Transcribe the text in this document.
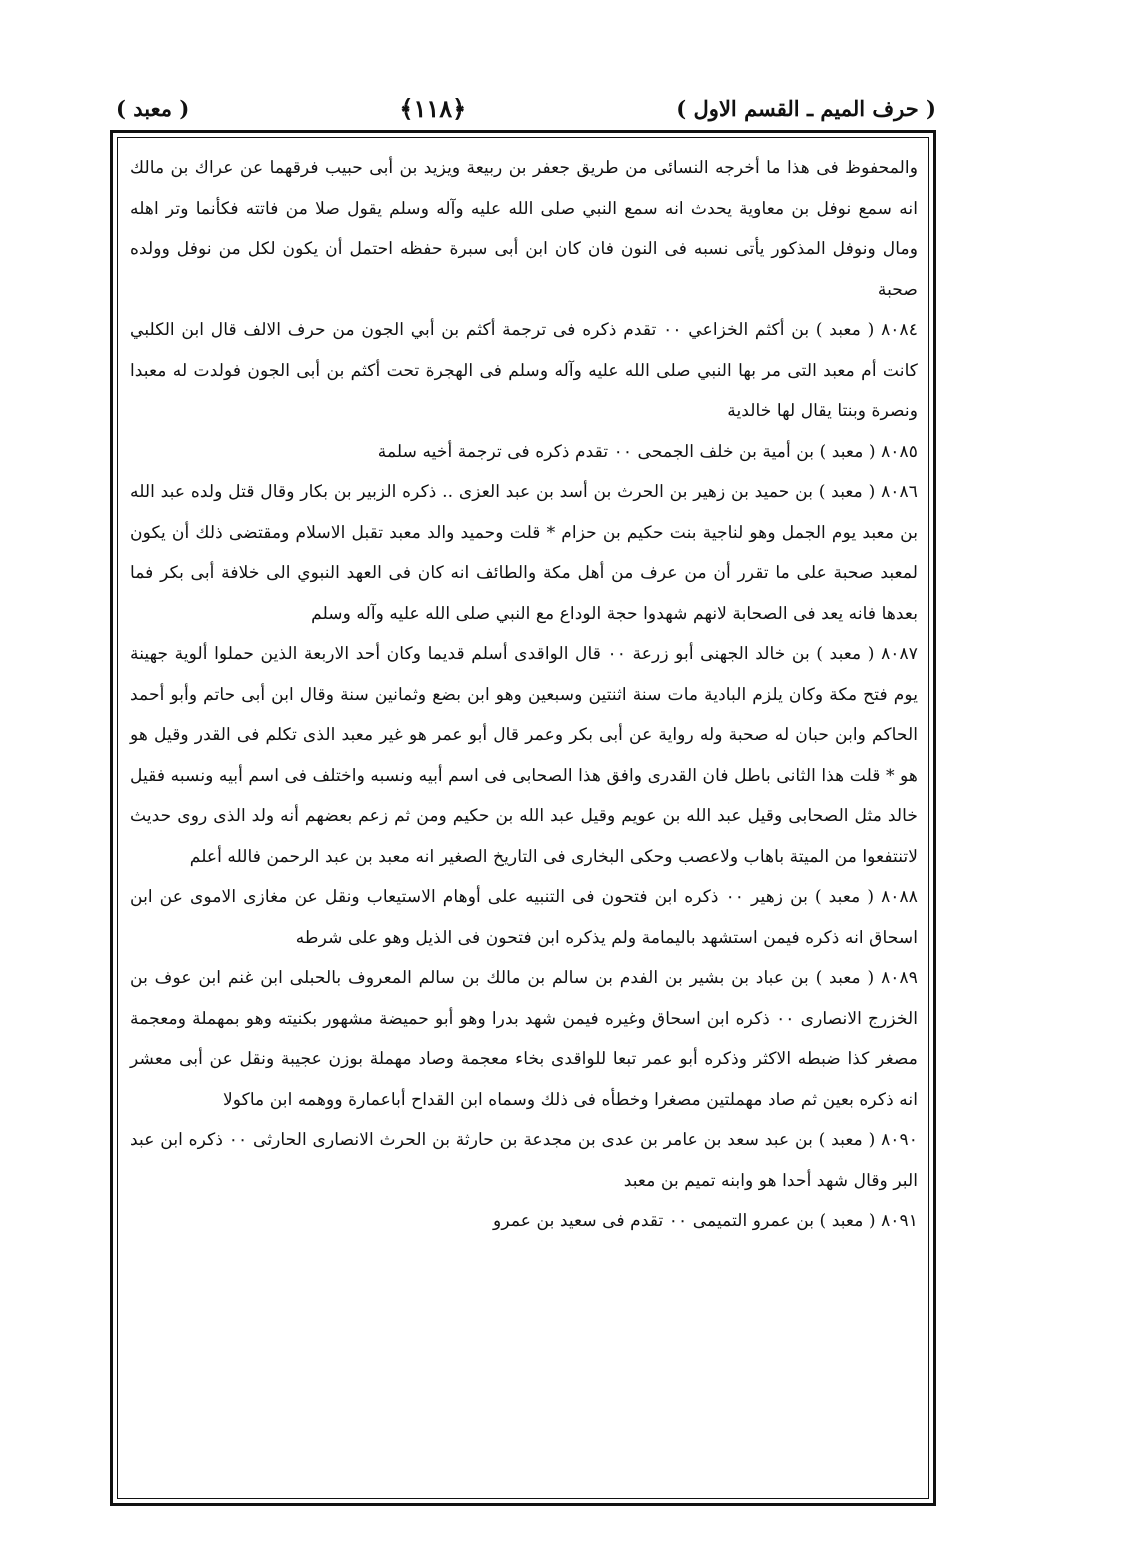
( حرف الميم ـ القسم الاول )
﴿١١٨﴾
( معبد )

والمحفوظ فى هذا ما أخرجه النسائى من طريق جعفر بن ربيعة ويزيد بن أبى حبيب فرقهما عن عراك بن مالك انه سمع نوفل بن معاوية يحدث انه سمع النبي صلى الله عليه وآله وسلم يقول صلا من فاتته فكأنما وتر اهله ومال ونوفل المذكور يأتى نسبه فى النون فان كان ابن أبى سبرة حفظه احتمل أن يكون لكل من نوفل وولده صحبة

٨٠٨٤ ( معبد ) بن أكثم الخزاعي ٠٠ تقدم ذكره فى ترجمة أكثم بن أبي الجون من حرف الالف قال ابن الكلبي كانت أم معبد التى مر بها النبي صلى الله عليه وآله وسلم فى الهجرة تحت أكثم بن أبى الجون فولدت له معبدا ونصرة وبنتا يقال لها خالدية

٨٠٨٥ ( معبد ) بن أمية بن خلف الجمحى ٠٠ تقدم ذكره فى ترجمة أخيه سلمة

٨٠٨٦ ( معبد ) بن حميد بن زهير بن الحرث بن أسد بن عبد العزى .. ذكره الزبير بن بكار وقال قتل ولده عبد الله بن معبد يوم الجمل وهو لناجية بنت حكيم بن حزام * قلت وحميد والد معبد تقبل الاسلام ومقتضى ذلك أن يكون لمعبد صحبة على ما تقرر أن من عرف من أهل مكة والطائف انه كان فى العهد النبوي الى خلافة أبى بكر فما بعدها فانه يعد فى الصحابة لانهم شهدوا حجة الوداع مع النبي صلى الله عليه وآله وسلم

٨٠٨٧ ( معبد ) بن خالد الجهنى أبو زرعة ٠٠ قال الواقدى أسلم قديما وكان أحد الاربعة الذين حملوا ألوية جهينة يوم فتح مكة وكان يلزم البادية مات سنة اثنتين وسبعين وهو ابن بضع وثمانين سنة وقال ابن أبى حاتم وأبو أحمد الحاكم وابن حبان له صحبة وله رواية عن أبى بكر وعمر قال أبو عمر هو غير معبد الذى تكلم فى القدر وقيل هو هو * قلت هذا الثانى باطل فان القدرى وافق هذا الصحابى فى اسم أبيه ونسبه واختلف فى اسم أبيه ونسبه فقيل خالد مثل الصحابى وقيل عبد الله بن عويم وقيل عبد الله بن حكيم ومن ثم زعم بعضهم أنه ولد الذى روى حديث لاتنتفعوا من الميتة باهاب ولاعصب وحكى البخارى فى التاريخ الصغير انه معبد بن عبد الرحمن فالله أعلم

٨٠٨٨ ( معبد ) بن زهير ٠٠ ذكره ابن فتحون فى التنبيه على أوهام الاستيعاب ونقل عن مغازى الاموى عن ابن اسحاق انه ذكره فيمن استشهد باليمامة ولم يذكره ابن فتحون فى الذيل وهو على شرطه

٨٠٨٩ ( معبد ) بن عباد بن بشير بن الفدم بن سالم بن مالك بن سالم المعروف بالحبلى ابن غنم ابن عوف بن الخزرج الانصارى ٠٠ ذكره ابن اسحاق وغيره فيمن شهد بدرا وهو أبو حميضة مشهور بكنيته وهو بمهملة ومعجمة مصغر كذا ضبطه الاكثر وذكره أبو عمر تبعا للواقدى بخاء معجمة وصاد مهملة بوزن عجيبة ونقل عن أبى معشر انه ذكره بعين ثم صاد مهملتين مصغرا وخطأه فى ذلك وسماه ابن القداح أباعمارة ووهمه ابن ماكولا

٨٠٩٠ ( معبد ) بن عبد سعد بن عامر بن عدى بن مجدعة بن حارثة بن الحرث الانصارى الحارثى ٠٠ ذكره ابن عبد البر وقال شهد أحدا هو وابنه تميم بن معبد

٨٠٩١ ( معبد ) بن عمرو التميمى ٠٠ تقدم فى سعيد بن عمرو
